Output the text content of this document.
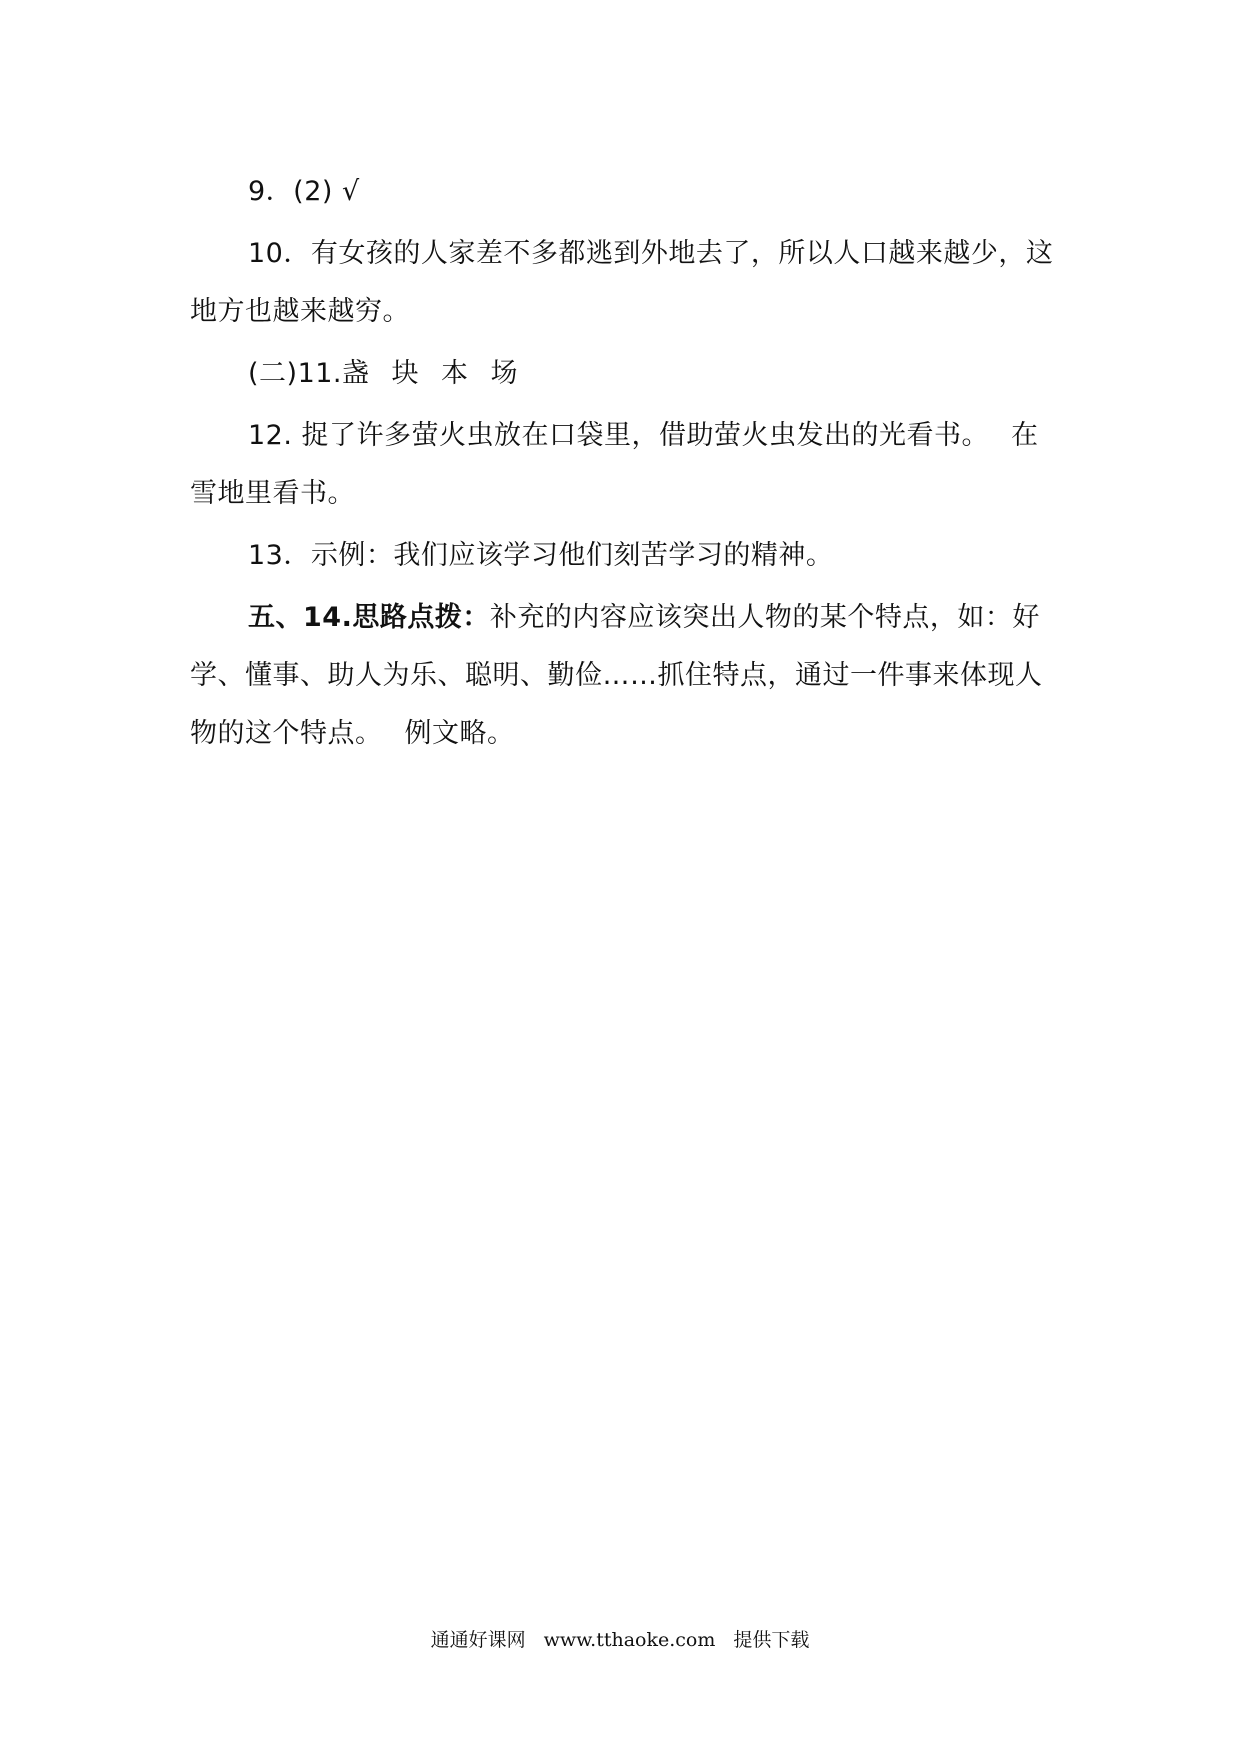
9．(2) √

10．有女孩的人家差不多都逃到外地去了，所以人口越来越少，这地方也越来越穷。

(二)11.盏 块 本 场

12. 捉了许多萤火虫放在口袋里，借助萤火虫发出的光看书。 在雪地里看书。

13．示例：我们应该学习他们刻苦学习的精神。

五、14.思路点拨：补充的内容应该突出人物的某个特点，如：好学、懂事、助人为乐、聪明、勤俭……抓住特点，通过一件事来体现人物的这个特点。 例文略。

通通好课网 www.tthaoke.com 提供下载
